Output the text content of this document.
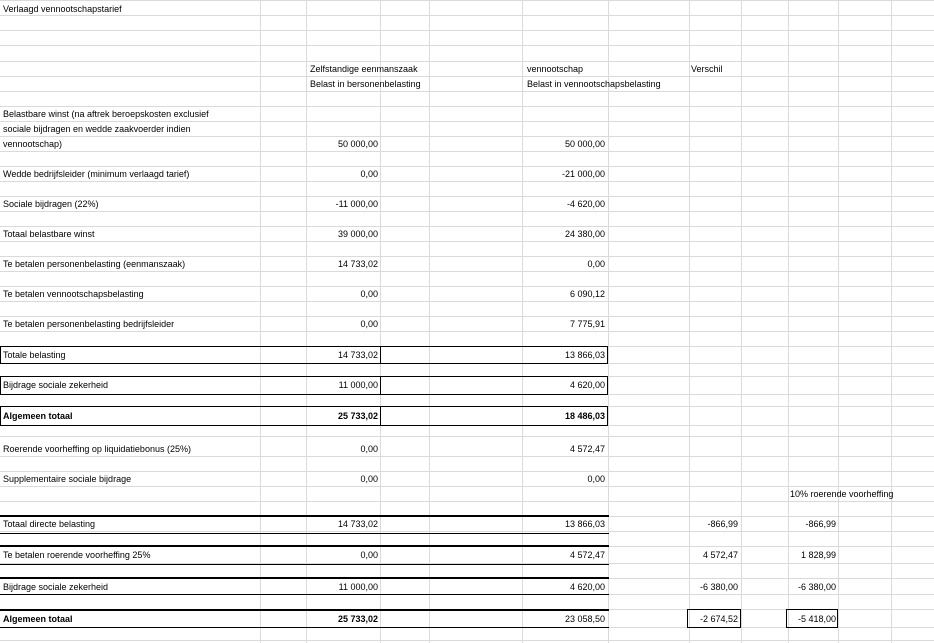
Verlaagd vennootschapstarief
Zelfstandige eenmanszaak
Belast in bersonenbelasting
vennootschap
Belast in vennootschapsbelasting
Verschil
10% roerende voorheffing
Belastbare winst (na aftrek beroepskosten exclusief
sociale bijdragen en wedde zaakvoerder indien
vennootschap)	50 000,00	50 000,00
Wedde bedrijfsleider (minimum verlaagd tarief)	0,00	-21 000,00
Sociale bijdragen (22%)	-11 000,00	-4 620,00
Totaal belastbare winst	39 000,00	24 380,00
Te betalen personenbelasting (eenmanszaak)	14 733,02	0,00
Te betalen vennootschapsbelasting	0,00	6 090,12
Te betalen personenbelasting bedrijfsleider	0,00	7 775,91
Totale belasting	14 733,02	13 866,03
Bijdrage sociale zekerheid	11 000,00	4 620,00
Algemeen totaal	25 733,02	18 486,03
Roerende voorheffing op liquidatiebonus (25%)	0,00	4 572,47
Supplementaire sociale bijdrage	0,00	0,00
Totaal directe belasting	14 733,02	13 866,03	-866,99	-866,99
Te betalen roerende voorheffing 25%	0,00	4 572,47	4 572,47	1 828,99
Bijdrage sociale zekerheid	11 000,00	4 620,00	-6 380,00	-6 380,00
Algemeen totaal	25 733,02	23 058,50	-2 674,52	-5 418,00
